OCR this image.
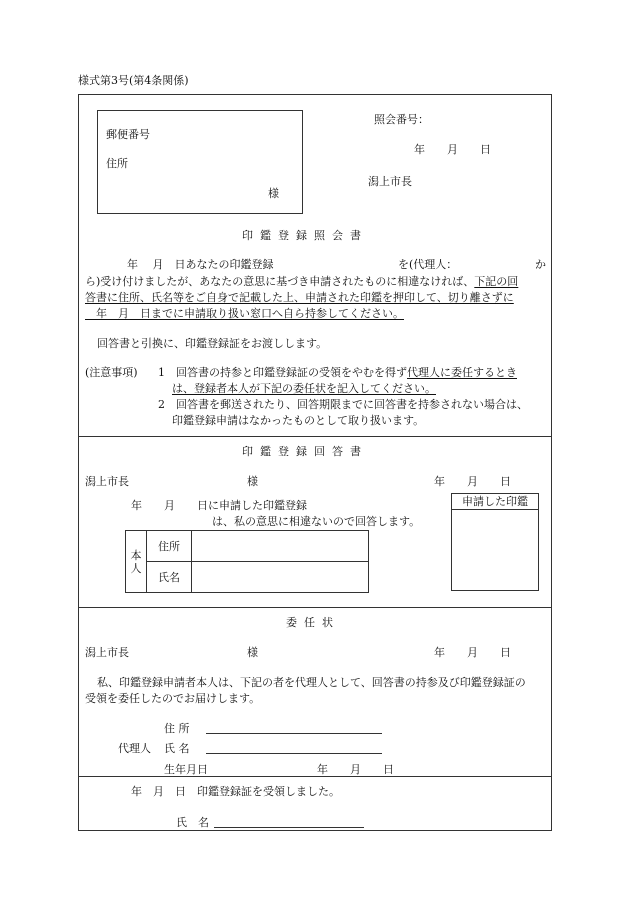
様式第3号(第4条関係)
郵便番号
住所
様
照会番号：
年　　月　　日
潟上市長
印鑑登録照会書
年　 月　日あなたの印鑑登録	を(代理人：	か
ら)受け付けましたが、あなたの意思に基づき申請されたものに相違なければ、下記の回
答書に住所、氏名等をご自身で記載した上、申請された印鑑を押印して、切り離さずに
　年　月　日までに申請取り扱い窓口へ自ら持参してください。
回答書と引換に、印鑑登録証をお渡しします。
(注意事項) 1　回答書の持参と印鑑登録証の受領をやむを得ず代理人に委任するとき
は、登録者本人が下記の委任状を記入してください。
2　回答書を郵送されたり、回答期限までに回答書を持参されない場合は、
印鑑登録申請はなかったものとして取り扱います。
印鑑登録回答書
潟上市長	様	年　　月　　日
年　　月　　日に申請した印鑑登録
は、私の意思に相違ないので回答します。
本人	住所	
	氏名	
申請した印鑑
委任状
潟上市長	様	年　　月　　日
私、印鑑登録申請者本人は、下記の者を代理人として、回答書の持参及び印鑑登録証の
受領を委任したのでお届けします。
住 所
代理人 氏 名
生年月日	年　　月　　日
年　月　日　印鑑登録証を受領しました。
氏　名
